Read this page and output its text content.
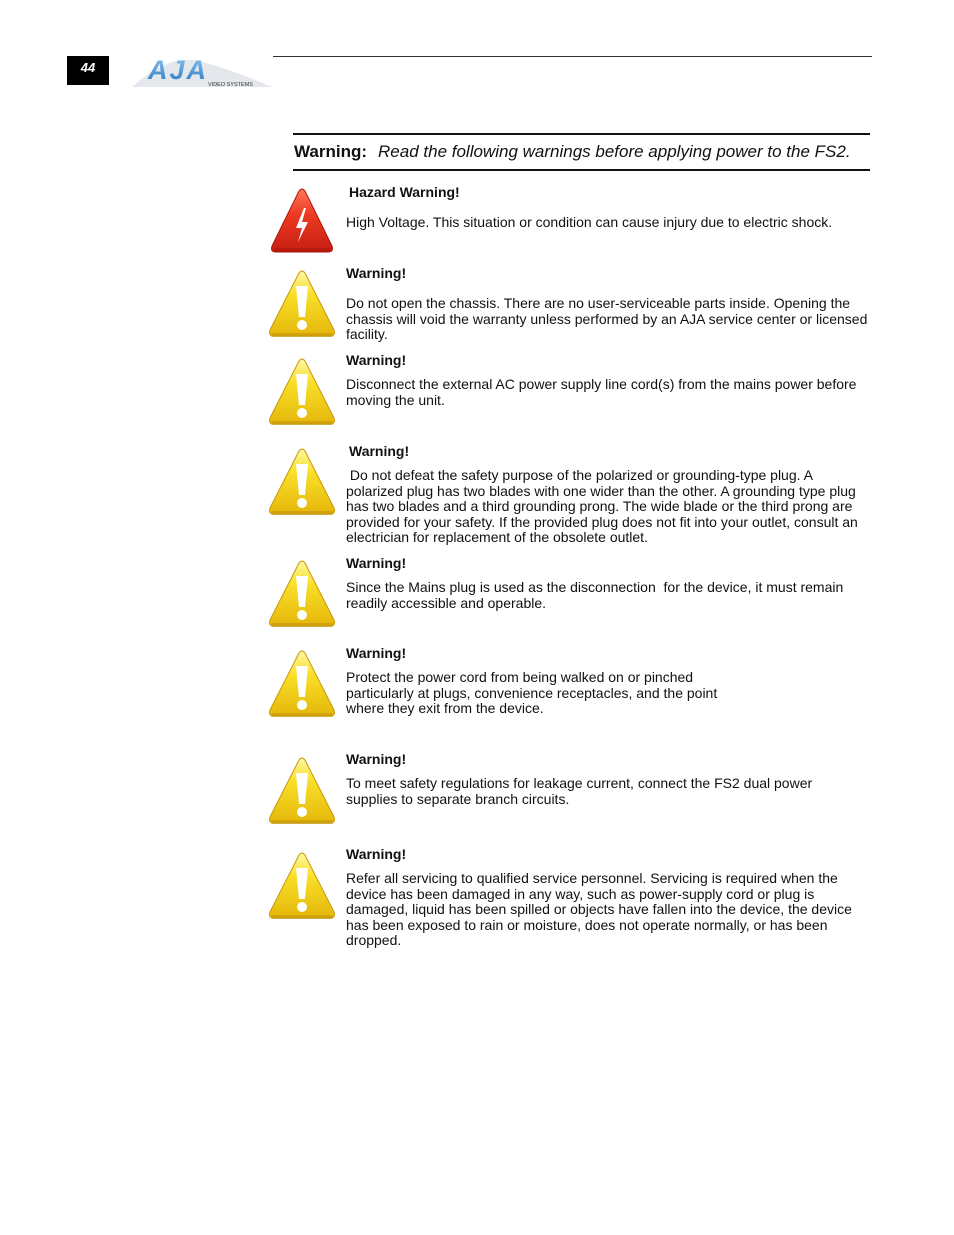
44 AJA VIDEO SYSTEMS
Warning: Read the following warnings before applying power to the FS2.
Hazard Warning!
High Voltage. This situation or condition can cause injury due to electric shock.
Warning!
Do not open the chassis. There are no user-serviceable parts inside. Opening the chassis will void the warranty unless performed by an AJA service center or licensed facility.
Warning!
Disconnect the external AC power supply line cord(s) from the mains power before moving the unit.
Warning!
Do not defeat the safety purpose of the polarized or grounding-type plug. A polarized plug has two blades with one wider than the other. A grounding type plug has two blades and a third grounding prong. The wide blade or the third prong are provided for your safety. If the provided plug does not fit into your outlet, consult an electrician for replacement of the obsolete outlet.
Warning!
Since the Mains plug is used as the disconnection  for the device, it must remain readily accessible and operable.
Warning!
Protect the power cord from being walked on or pinched
particularly at plugs, convenience receptacles, and the point
where they exit from the device.
Warning!
To meet safety regulations for leakage current, connect the FS2 dual power supplies to separate branch circuits.
Warning!
Refer all servicing to qualified service personnel. Servicing is required when the device has been damaged in any way, such as power-supply cord or plug is damaged, liquid has been spilled or objects have fallen into the device, the device has been exposed to rain or moisture, does not operate normally, or has been dropped.
